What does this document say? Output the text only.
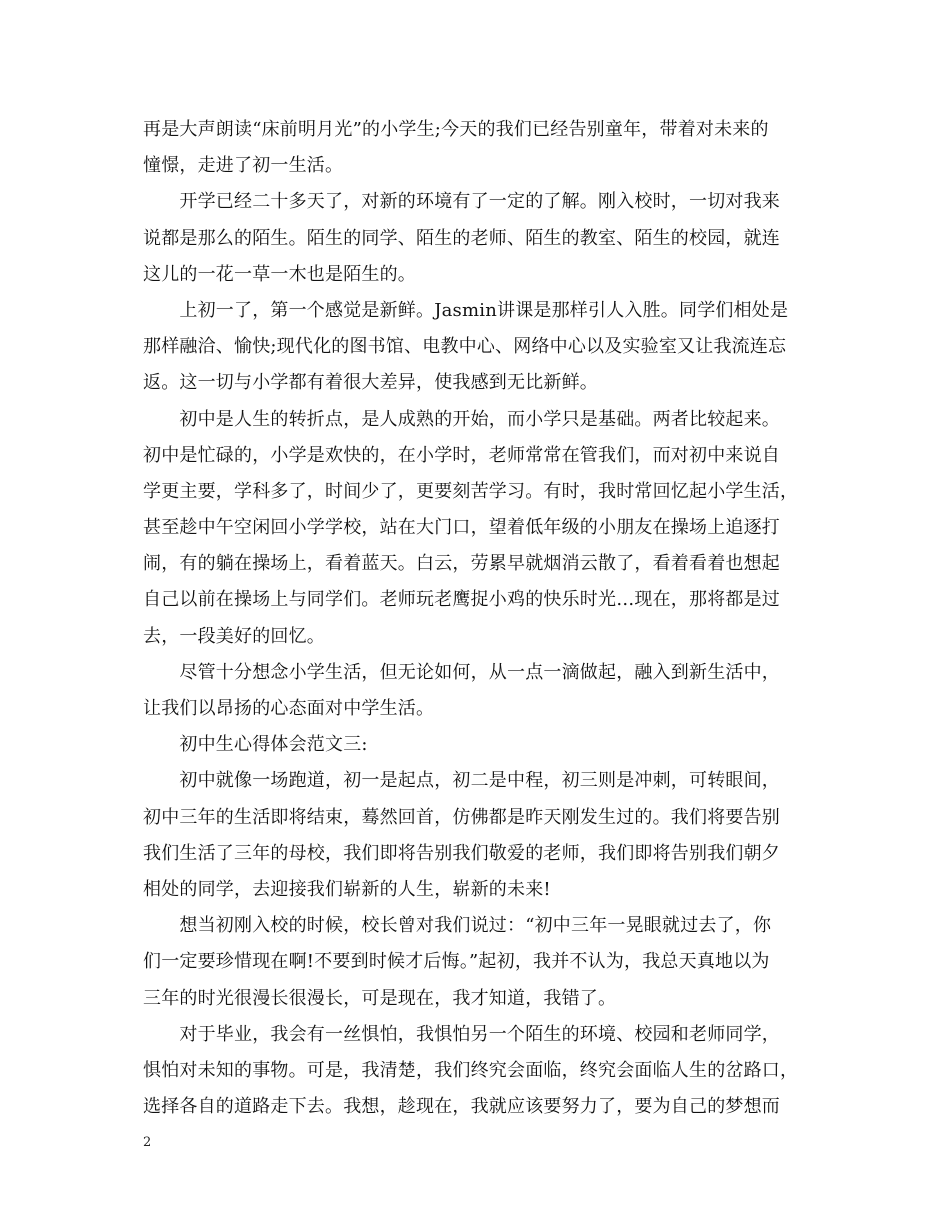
再是大声朗读“床前明月光”的小学生;今天的我们已经告别童年，带着对未来的
憧憬，走进了初一生活。
　　开学已经二十多天了，对新的环境有了一定的了解。刚入校时，一切对我来
说都是那么的陌生。陌生的同学、陌生的老师、陌生的教室、陌生的校园，就连
这儿的一花一草一木也是陌生的。
　　上初一了，第一个感觉是新鲜。Jasmin讲课是那样引人入胜。同学们相处是
那样融洽、愉快;现代化的图书馆、电教中心、网络中心以及实验室又让我流连忘
返。这一切与小学都有着很大差异，使我感到无比新鲜。
　　初中是人生的转折点，是人成熟的开始，而小学只是基础。两者比较起来。
初中是忙碌的，小学是欢快的，在小学时，老师常常在管我们，而对初中来说自
学更主要，学科多了，时间少了，更要刻苦学习。有时，我时常回忆起小学生活，
甚至趁中午空闲回小学学校，站在大门口，望着低年级的小朋友在操场上追逐打
闹，有的躺在操场上，看着蓝天。白云，劳累早就烟消云散了，看着看着也想起
自己以前在操场上与同学们。老师玩老鹰捉小鸡的快乐时光…现在，那将都是过
去，一段美好的回忆。
　　尽管十分想念小学生活，但无论如何，从一点一滴做起，融入到新生活中，
让我们以昂扬的心态面对中学生活。
　　初中生心得体会范文三:
　　初中就像一场跑道，初一是起点，初二是中程，初三则是冲刺，可转眼间，
初中三年的生活即将结束，蓦然回首，仿佛都是昨天刚发生过的。我们将要告别
我们生活了三年的母校，我们即将告别我们敬爱的老师，我们即将告别我们朝夕
相处的同学，去迎接我们崭新的人生，崭新的未来!
　　想当初刚入校的时候，校长曾对我们说过：“初中三年一晃眼就过去了，你
们一定要珍惜现在啊!不要到时候才后悔。”起初，我并不认为，我总天真地以为
三年的时光很漫长很漫长，可是现在，我才知道，我错了。
　　对于毕业，我会有一丝惧怕，我惧怕另一个陌生的环境、校园和老师同学，
惧怕对未知的事物。可是，我清楚，我们终究会面临，终究会面临人生的岔路口，
选择各自的道路走下去。我想，趁现在，我就应该要努力了，要为自己的梦想而
2
